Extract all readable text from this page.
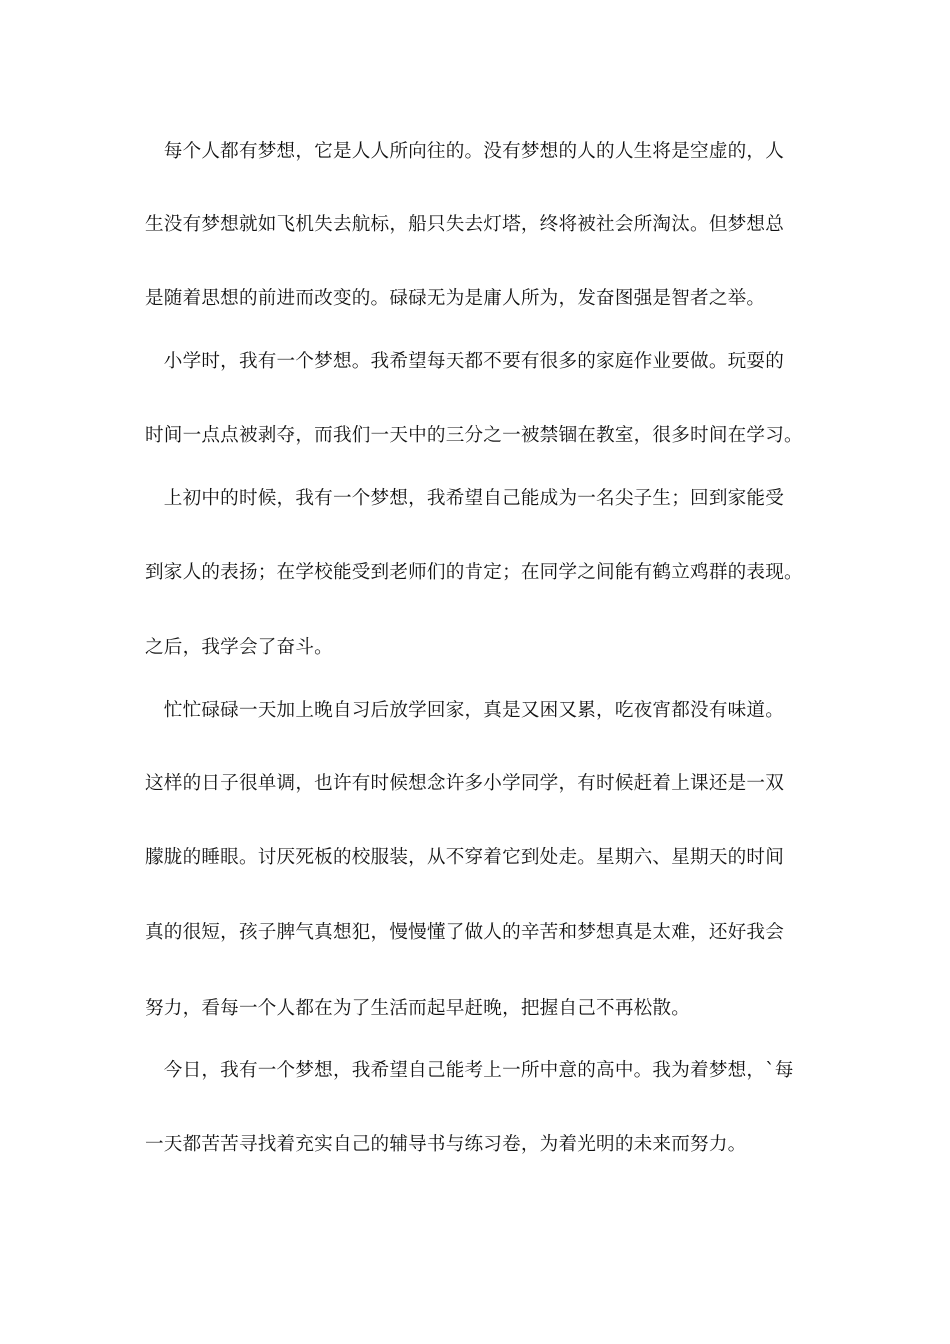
　每个人都有梦想，它是人人所向往的。没有梦想的人的人生将是空虚的，人
生没有梦想就如飞机失去航标，船只失去灯塔，终将被社会所淘汰。但梦想总
是随着思想的前进而改变的。碌碌无为是庸人所为，发奋图强是智者之举。
　小学时，我有一个梦想。我希望每天都不要有很多的家庭作业要做。玩耍的
时间一点点被剥夺，而我们一天中的三分之一被禁锢在教室，很多时间在学习。
　上初中的时候，我有一个梦想，我希望自己能成为一名尖子生；回到家能受
到家人的表扬；在学校能受到老师们的肯定；在同学之间能有鹤立鸡群的表现。
之后，我学会了奋斗。
　忙忙碌碌一天加上晚自习后放学回家，真是又困又累，吃夜宵都没有味道。
这样的日子很单调，也许有时候想念许多小学同学，有时候赶着上课还是一双
朦胧的睡眼。讨厌死板的校服装，从不穿着它到处走。星期六、星期天的时间
真的很短，孩子脾气真想犯，慢慢懂了做人的辛苦和梦想真是太难，还好我会
努力，看每一个人都在为了生活而起早赶晚，把握自己不再松散。
　今日，我有一个梦想，我希望自己能考上一所中意的高中。我为着梦想，`每
一天都苦苦寻找着充实自己的辅导书与练习卷，为着光明的未来而努力。
